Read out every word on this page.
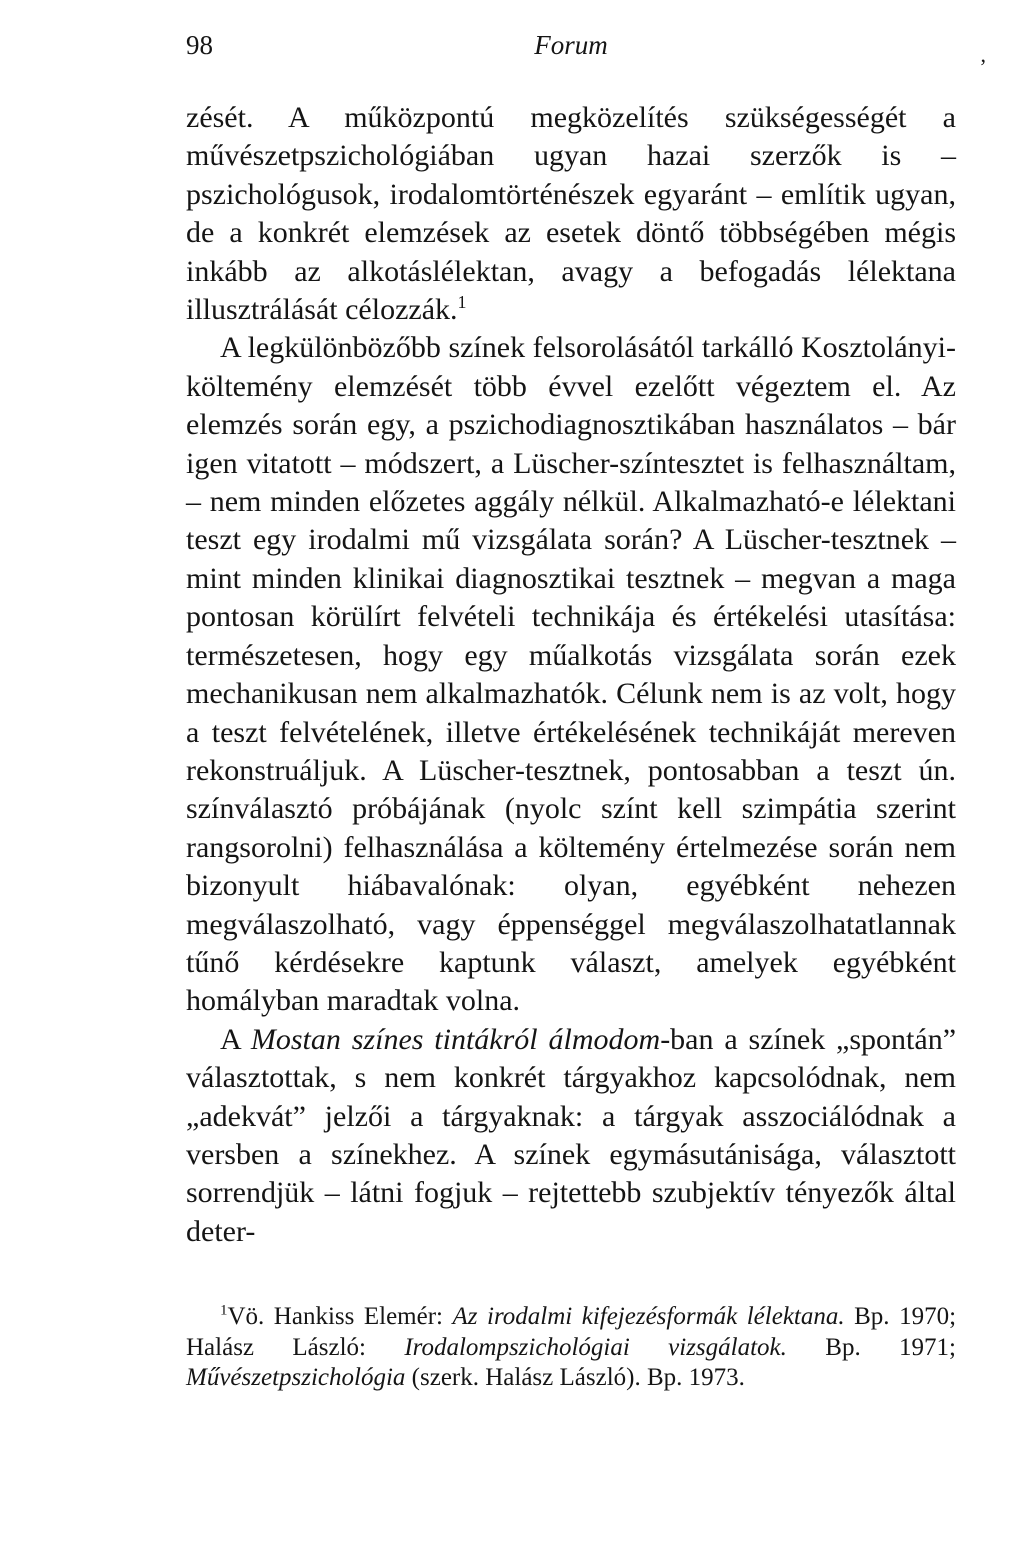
98	Forum	,

zését. A műközpontú megközelítés szükségességét a művészetpszichológiában ugyan hazai szerzők is – pszichológusok, irodalomtörténészek egyaránt – említik ugyan, de a konkrét elemzések az esetek döntő többségében mégis inkább az alkotáslélektan, avagy a befogadás lélektana illusztrálását célozzák.$^1$

A legkülönbözőbb színek felsorolásától tarkálló Kosztolányi-költemény elemzését több évvel ezelőtt végeztem el. Az elemzés során egy, a pszichodiagnosztikában használatos – bár igen vitatott – módszert, a Lüscher-színtesztet is felhasználtam, – nem minden előzetes aggály nélkül. Alkalmazható-e lélektani teszt egy irodalmi mű vizsgálata során? A Lüscher-tesztnek – mint minden klinikai diagnosztikai tesztnek – megvan a maga pontosan körülírt felvételi technikája és értékelési utasítása: természetesen, hogy egy műalkotás vizsgálata során ezek mechanikusan nem alkalmazhatók. Célunk nem is az volt, hogy a teszt felvételének, illetve értékelésének technikáját mereven rekonstruáljuk. A Lüscher-tesztnek, pontosabban a teszt ún. színválasztó próbájának (nyolc színt kell szimpátia szerint rangsorolni) felhasználása a költemény értelmezése során nem bizonyult hiábavalónak: olyan, egyébként nehezen megválaszolható, vagy éppenséggel megválaszolhatatlannak tűnő kérdésekre kaptunk választ, amelyek egyébként homályban maradtak volna.

A Mostan színes tintákról álmodom-ban a színek „spontán” választottak, s nem konkrét tárgyakhoz kapcsolódnak, nem „adekvát” jelzői a tárgyaknak: a tárgyak asszociálódnak a versben a színekhez. A színek egymásutánisága, választott sorrendjük – látni fogjuk – rejtettebb szubjektív tényezők által deter-

$^1$Vö. Hankiss Elemér: Az irodalmi kifejezésformák lélektana. Bp. 1970; Halász László: Irodalompszichológiai vizsgálatok. Bp. 1971; Művészetpszichológia (szerk. Halász László). Bp. 1973.
